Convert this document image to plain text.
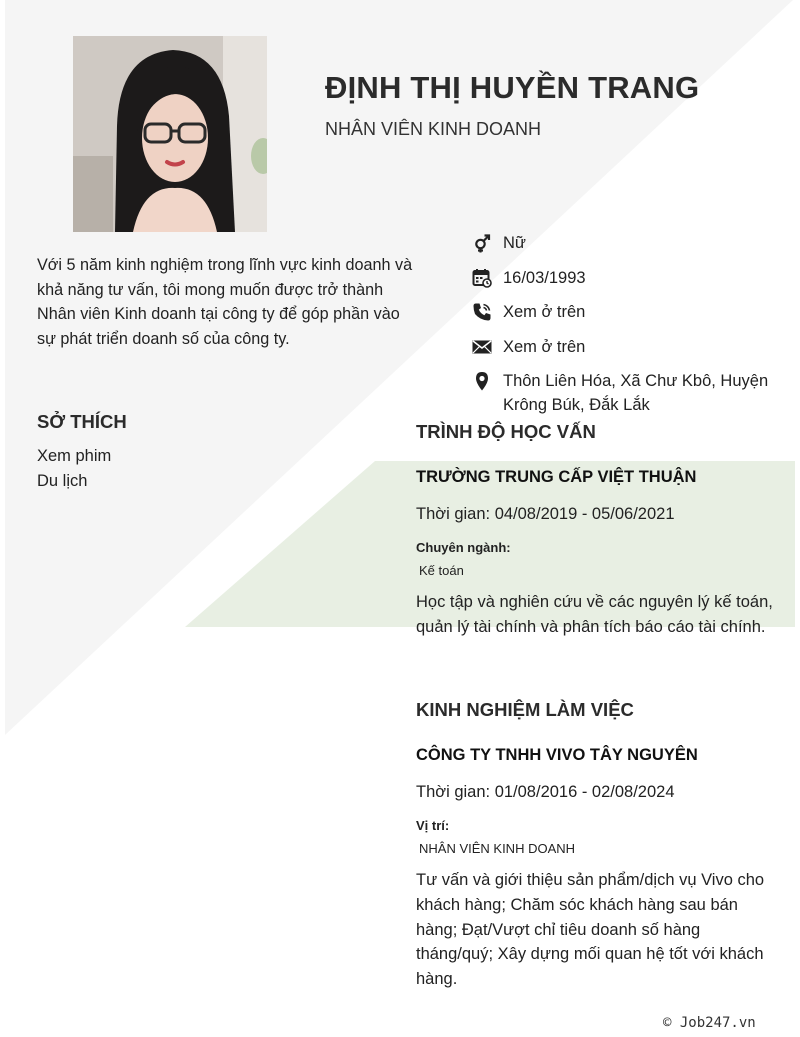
ĐỊNH THỊ HUYỀN TRANG
NHÂN VIÊN KINH DOANH
Với 5 năm kinh nghiệm trong lĩnh vực kinh doanh và khả năng tư vấn, tôi mong muốn được trở thành Nhân viên Kinh doanh tại công ty để góp phần vào sự phát triển doanh số của công ty.
Nữ
16/03/1993
Xem ở trên
Xem ở trên
Thôn Liên Hóa, Xã Chư Kbô, Huyện Krông Búk, Đắk Lắk
SỞ THÍCH
Xem phim
Du lịch
TRÌNH ĐỘ HỌC VẤN
TRƯỜNG TRUNG CẤP VIỆT THUẬN
Thời gian: 04/08/2019 - 05/06/2021
Chuyên ngành:
Kế toán
Học tập và nghiên cứu về các nguyên lý kế toán, quản lý tài chính và phân tích báo cáo tài chính.
KINH NGHIỆM LÀM VIỆC
CÔNG TY TNHH VIVO TÂY NGUYÊN
Thời gian: 01/08/2016 - 02/08/2024
Vị trí:
NHÂN VIÊN KINH DOANH
Tư vấn và giới thiệu sản phẩm/dịch vụ Vivo cho khách hàng; Chăm sóc khách hàng sau bán hàng; Đạt/Vượt chỉ tiêu doanh số hàng tháng/quý; Xây dựng mối quan hệ tốt với khách hàng.
© Job247.vn
